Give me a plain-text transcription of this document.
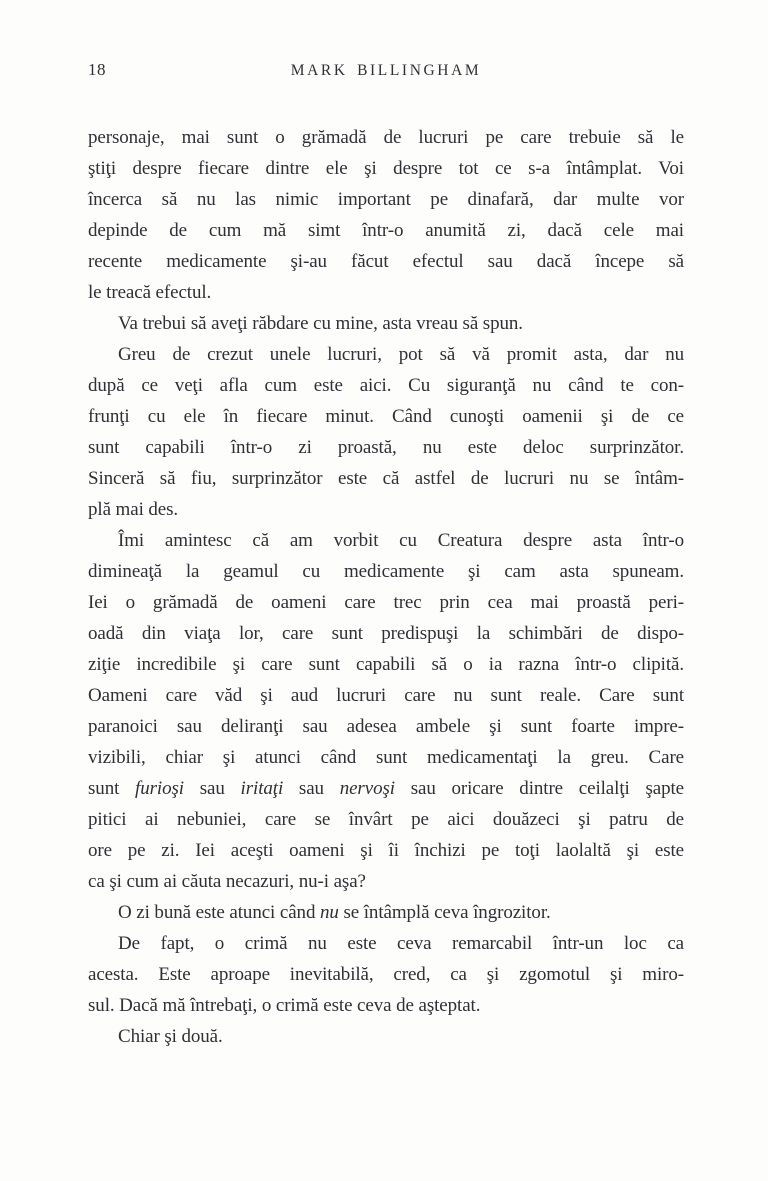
18	MARK BILLINGHAM

personaje, mai sunt o grămadă de lucruri pe care trebuie să le
ştiţi despre fiecare dintre ele şi despre tot ce s-a întâmplat. Voi
încerca să nu las nimic important pe dinafară, dar multe vor
depinde de cum mă simt într-o anumită zi, dacă cele mai
recente medicamente şi-au făcut efectul sau dacă începe să
le treacă efectul.

Va trebui să aveţi răbdare cu mine, asta vreau să spun.

Greu de crezut unele lucruri, pot să vă promit asta, dar nu
după ce veţi afla cum este aici. Cu siguranţă nu când te con-
frunţi cu ele în fiecare minut. Când cunoşti oamenii şi de ce
sunt capabili într-o zi proastă, nu este deloc surprinzător.
Sinceră să fiu, surprinzător este că astfel de lucruri nu se întâm-
plă mai des.

Îmi amintesc că am vorbit cu Creatura despre asta într-o
dimineaţă la geamul cu medicamente şi cam asta spuneam.
Iei o grămadă de oameni care trec prin cea mai proastă peri-
oadă din viaţa lor, care sunt predispuşi la schimbări de dispo-
ziţie incredibile şi care sunt capabili să o ia razna într-o clipită.
Oameni care văd şi aud lucruri care nu sunt reale. Care sunt
paranoici sau deliranţi sau adesea ambele şi sunt foarte impre-
vizibili, chiar şi atunci când sunt medicamentaţi la greu. Care
sunt furioşi sau iritaţi sau nervoşi sau oricare dintre ceilalţi şapte
pitici ai nebuniei, care se învârt pe aici douăzeci şi patru de
ore pe zi. Iei aceşti oameni şi îi închizi pe toţi laolaltă şi este
ca şi cum ai căuta necazuri, nu-i aşa?

O zi bună este atunci când nu se întâmplă ceva îngrozitor.

De fapt, o crimă nu este ceva remarcabil într-un loc ca
acesta. Este aproape inevitabilă, cred, ca şi zgomotul şi miro-
sul. Dacă mă întrebaţi, o crimă este ceva de aşteptat.

Chiar şi două.
